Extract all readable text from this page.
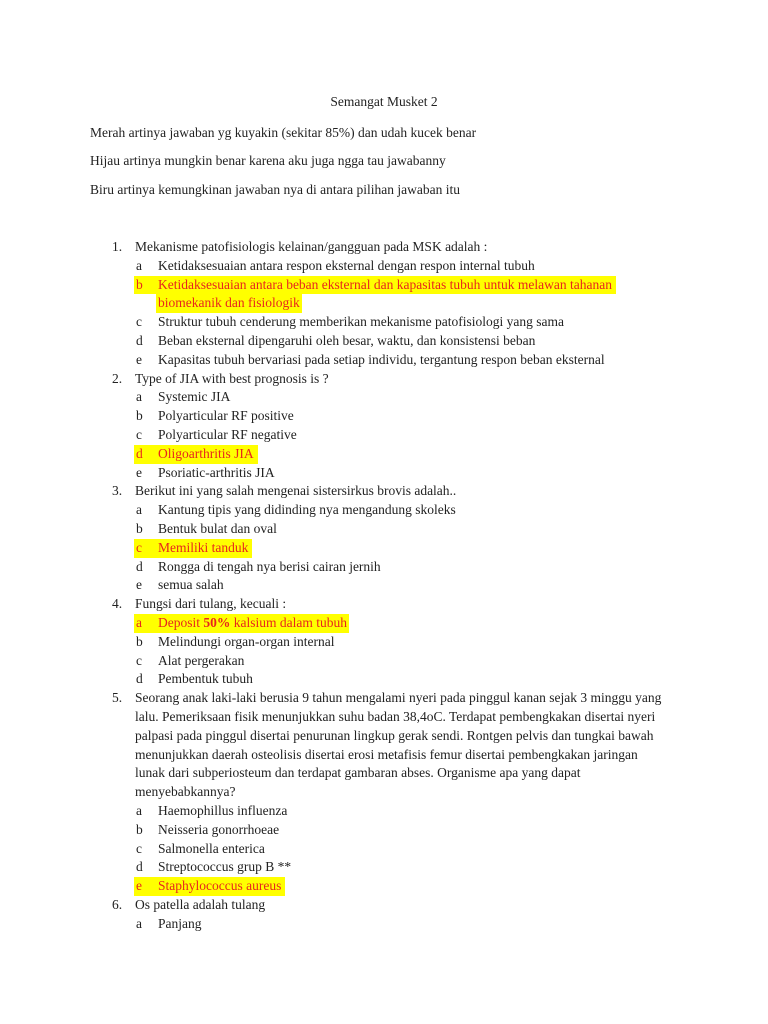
Semangat Musket 2
Merah artinya jawaban yg kuyakin (sekitar 85%) dan udah kucek benar
Hijau artinya mungkin benar karena aku juga ngga tau jawabanny
Biru artinya kemungkinan jawaban nya di antara pilihan jawaban itu
1. Mekanisme patofisiologis kelainan/gangguan pada MSK adalah :
a Ketidaksesuaian antara respon eksternal dengan respon internal tubuh
b Ketidaksesuaian antara beban eksternal dan kapasitas tubuh untuk melawan tahanan
biomekanik dan fisiologik
c Struktur tubuh cenderung memberikan mekanisme patofisiologi yang sama
d Beban eksternal dipengaruhi oleh besar, waktu, dan konsistensi beban
e Kapasitas tubuh bervariasi pada setiap individu, tergantung respon beban eksternal
2. Type of JIA with best prognosis is ?
a Systemic JIA
b Polyarticular RF positive
c Polyarticular RF negative
d Oligoarthritis JIA
e Psoriatic-arthritis JIA
3. Berikut ini yang salah mengenai sistersirkus brovis adalah..
a Kantung tipis yang didinding nya mengandung skoleks
b Bentuk bulat dan oval
c Memiliki tanduk
d Rongga di tengah nya berisi cairan jernih
e semua salah
4. Fungsi dari tulang, kecuali :
a Deposit 50% kalsium dalam tubuh
b Melindungi organ-organ internal
c Alat pergerakan
d Pembentuk tubuh
5. Seorang anak laki-laki berusia 9 tahun mengalami nyeri pada pinggul kanan sejak 3 minggu yang
lalu. Pemeriksaan fisik menunjukkan suhu badan 38,4oC. Terdapat pembengkakan disertai nyeri
palpasi pada pinggul disertai penurunan lingkup gerak sendi. Rontgen pelvis dan tungkai bawah
menunjukkan daerah osteolisis disertai erosi metafisis femur disertai pembengkakan jaringan
lunak dari subperiosteum dan terdapat gambaran abses. Organisme apa yang dapat
menyebabkannya?
a Haemophillus influenza
b Neisseria gonorrhoeae
c Salmonella enterica
d Streptococcus grup B **
e Staphylococcus aureus
6. Os patella adalah tulang
a Panjang
